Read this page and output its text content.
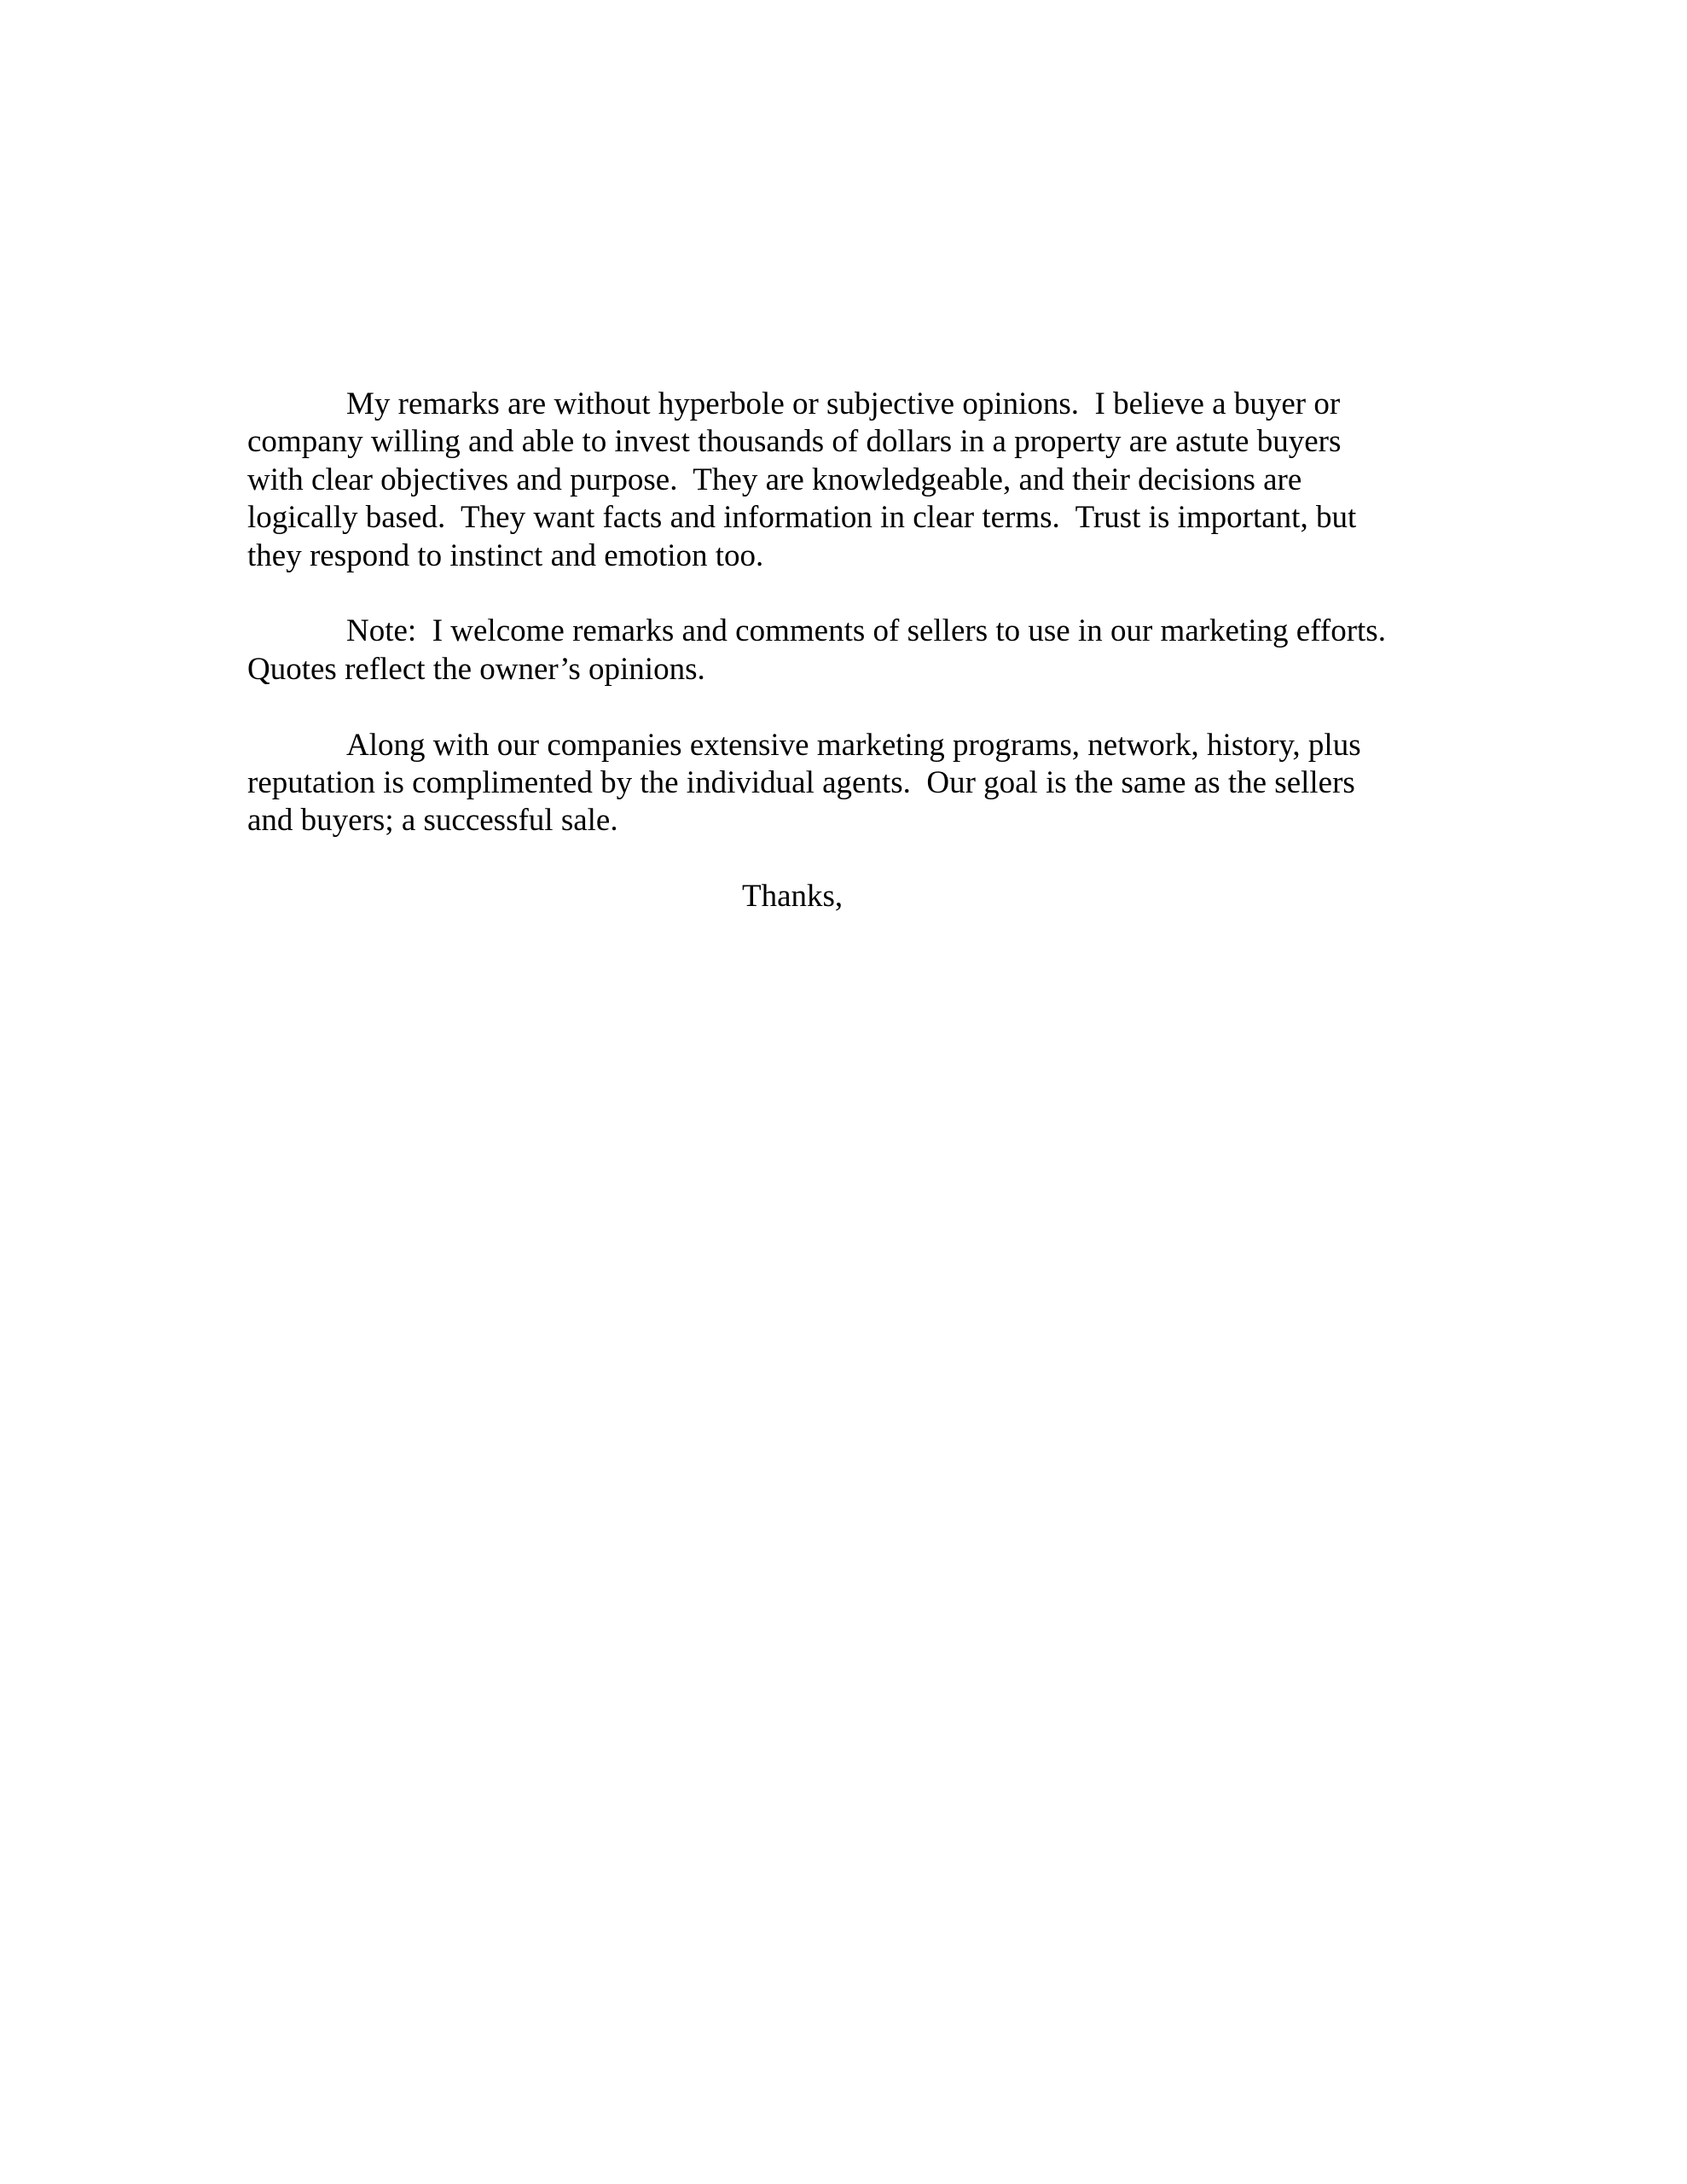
My remarks are without hyperbole or subjective opinions.  I believe a buyer or
company willing and able to invest thousands of dollars in a property are astute buyers
with clear objectives and purpose.  They are knowledgeable, and their decisions are
logically based.  They want facts and information in clear terms.  Trust is important, but
they respond to instinct and emotion too.
Note:  I welcome remarks and comments of sellers to use in our marketing efforts.
Quotes reflect the owner’s opinions.
Along with our companies extensive marketing programs, network, history, plus
reputation is complimented by the individual agents.  Our goal is the same as the sellers
and buyers; a successful sale.
Thanks,
